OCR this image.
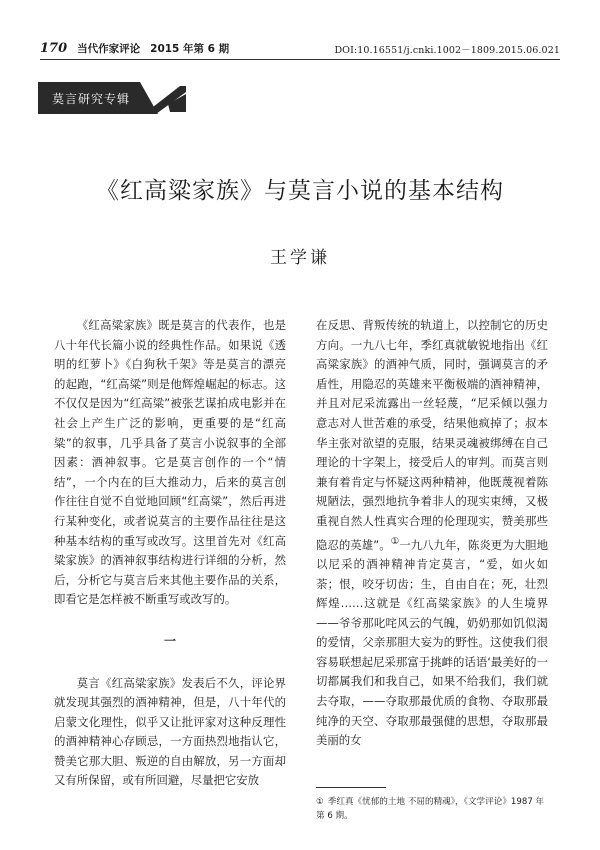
170 当代作家评论 2015 年第 6 期	DOI:10.16551/j.cnki.1002－1809.2015.06.021
莫言研究专辑
《红高粱家族》与莫言小说的基本结构
王学谦

《红高粱家族》既是莫言的代表作，也是八十年代长篇小说的经典性作品。如果说《透明的红萝卜》《白狗秋千架》等是莫言的漂亮的起跑，“红高粱”则是他辉煌崛起的标志。这不仅仅是因为“红高粱”被张艺谋拍成电影并在社会上产生广泛的影响，更重要的是“红高粱”的叙事，几乎具备了莫言小说叙事的全部因素：酒神叙事。它是莫言创作的一个“情结”，一个内在的巨大推动力，后来的莫言创作往往自觉不自觉地回顾“红高粱”，然后再进行某种变化，或者说莫言的主要作品往往是这种基本结构的重写或改写。这里首先对《红高粱家族》的酒神叙事结构进行详细的分析，然后，分析它与莫言后来其他主要作品的关系，即看它是怎样被不断重写或改写的。

一

莫言《红高粱家族》发表后不久，评论界就发现其强烈的酒神精神，但是，八十年代的启蒙文化理性，似乎又让批评家对这种反理性的酒神精神心存顾忌，一方面热烈地指认它，赞美它那大胆、叛逆的自由解放，另一方面却又有所保留，或有所回避，尽量把它安放

在反思、背叛传统的轨道上，以控制它的历史方向。一九八七年，季红真就敏锐地指出《红高粱家族》的酒神气质，同时，强调莫言的矛盾性，用隐忍的英雄来平衡极端的酒神精神，并且对尼采流露出一丝轻蔑，“尼采倾以强力意志对人世苦难的承受，结果他疯掉了；叔本华主张对欲望的克服，结果灵魂被绑缚在自己理论的十字架上，接受后人的审判。而莫言则兼有着肯定与怀疑这两种精神，他既蔑视着陈规陋法，强烈地抗争着非人的现实束缚，又极重视自然人性真实合理的伦理现实，赞美那些隐忍的英雄”。①一九八九年，陈炎更为大胆地以尼采的酒神精神肯定莫言，“爱，如火如荼；恨，咬牙切齿；生，自由自在；死，壮烈辉煌……这就是《红高粱家族》的人生境界——爷爷那叱咤风云的气魄，奶奶那如饥似渴的爱情，父亲那胆大妄为的野性。这使我们很容易联想起尼采那富于挑衅的话语‘最美好的一切都属我们和我自己，如果不给我们，我们就去夺取，——夺取那最优质的食物、夺取那最纯净的天空、夺取那最强健的思想，夺取那最美丽的女

① 季红真《忧郁的土地 不屈的精魂》，《文学评论》1987 年第 6 期。
